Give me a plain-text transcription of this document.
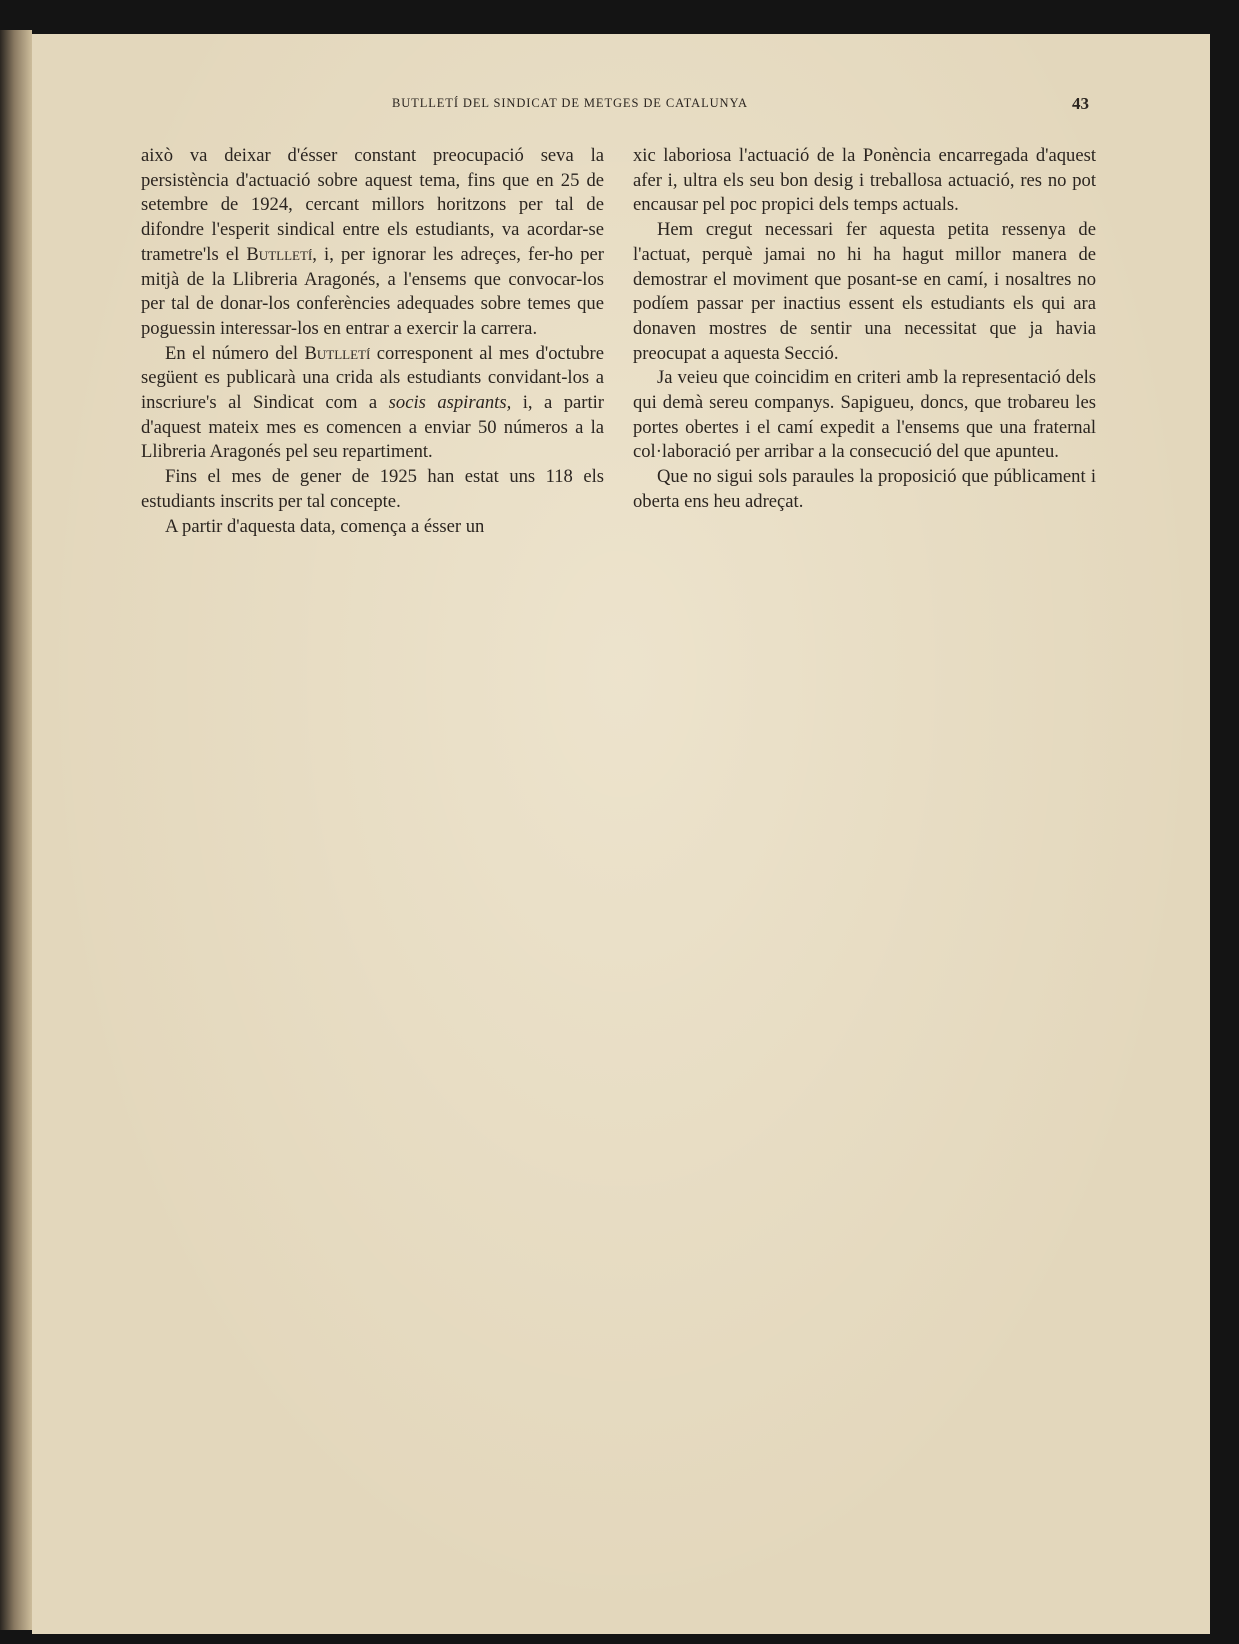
BUTLLETÍ DEL SINDICAT DE METGES DE CATALUNYA	43

això va deixar d'ésser constant preocupació seva la persistència d'actuació sobre aquest tema, fins que en 25 de setembre de 1924, cercant millors horitzons per tal de difondre l'esperit sindical entre els estudiants, va acordar-se trametre'ls el Butlletí, i, per ignorar les adreçes, fer-ho per mitjà de la Llibreria Aragonés, a l'ensems que convocar-los per tal de donar-los conferències adequades sobre temes que poguessin interessar-los en entrar a exercir la carrera.

En el número del Butlletí corresponent al mes d'octubre següent es publicarà una crida als estudiants convidant-los a inscriure's al Sindicat com a socis aspirants, i, a partir d'aquest mateix mes es comencen a enviar 50 números a la Llibreria Aragonés pel seu repartiment.

Fins el mes de gener de 1925 han estat uns 118 els estudiants inscrits per tal concepte.

A partir d'aquesta data, comença a ésser un

xic laboriosa l'actuació de la Ponència encarregada d'aquest afer i, ultra els seu bon desig i treballosa actuació, res no pot encausar pel poc propici dels temps actuals.

Hem cregut necessari fer aquesta petita ressenya de l'actuat, perquè jamai no hi ha hagut millor manera de demostrar el moviment que posant-se en camí, i nosaltres no podíem passar per inactius essent els estudiants els qui ara donaven mostres de sentir una necessitat que ja havia preocupat a aquesta Secció.

Ja veieu que coincidim en criteri amb la representació dels qui demà sereu companys. Sapigueu, doncs, que trobareu les portes obertes i el camí expedit a l'ensems que una fraternal col·laboració per arribar a la consecució del que apunteu.

Que no sigui sols paraules la proposició que públicament i oberta ens heu adreçat.
